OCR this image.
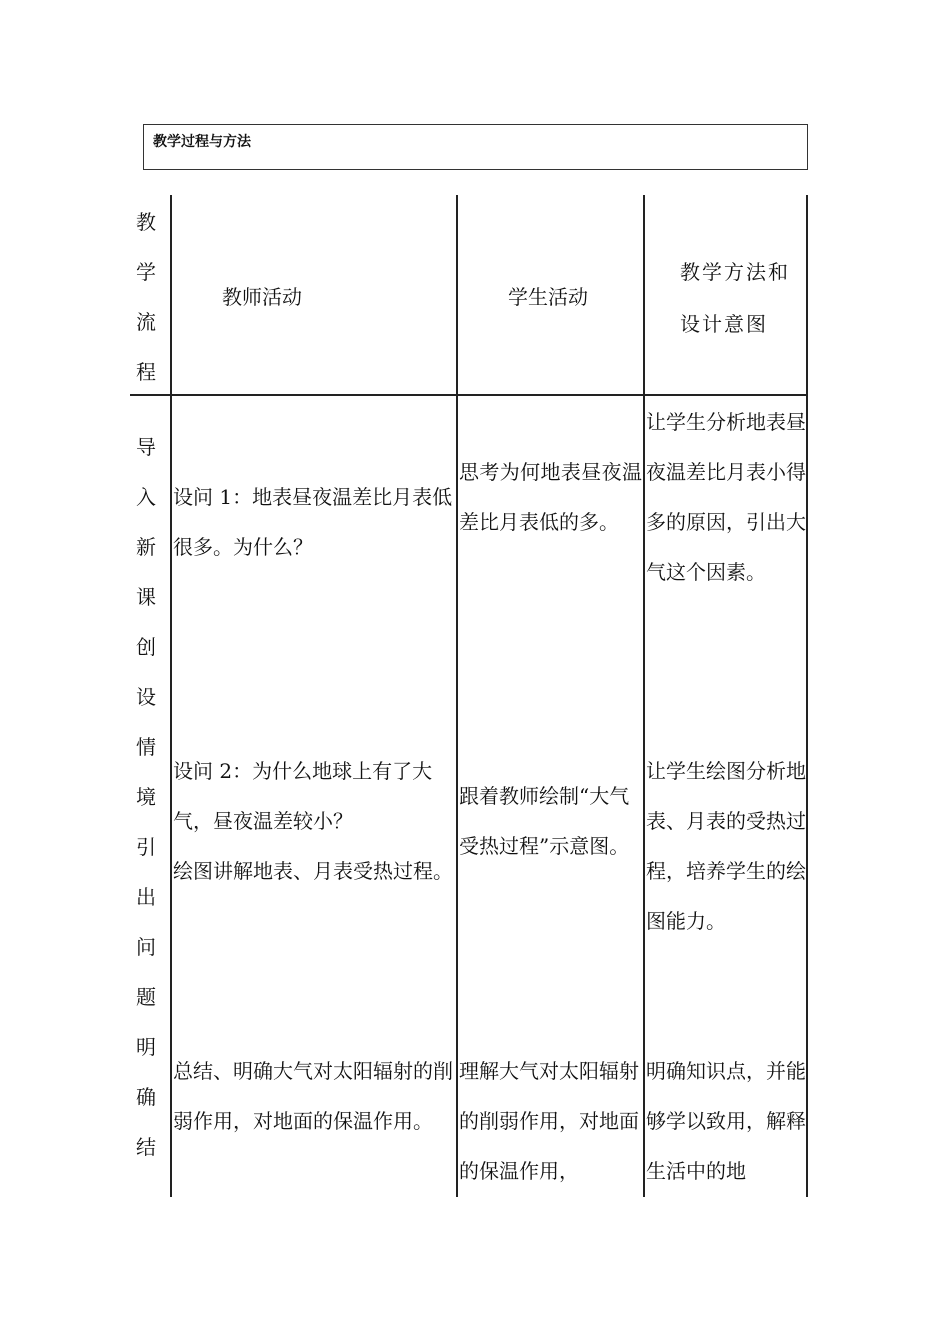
教学过程与方法
教
学
流
程
教师活动	学生活动
教学方法和
设计意图
导
入
新
课
创
设
情
境
引
出
问
题
明
确
结
设问 1：地表昼夜温差比月表低很多。为什么？
思考为何地表昼夜温差比月表低的多。
让学生分析地表昼夜温差比月表小得多的原因，引出大气这个因素。
设问 2：为什么地球上有了大气，昼夜温差较小？
绘图讲解地表、月表受热过程。
跟着教师绘制“大气受热过程”示意图。
让学生绘图分析地表、月表的受热过程，培养学生的绘图能力。
总结、明确大气对太阳辐射的削弱作用，对地面的保温作用。
理解大气对太阳辐射的削弱作用，对地面的保温作用，
明确知识点，并能够学以致用，解释生活中的地
